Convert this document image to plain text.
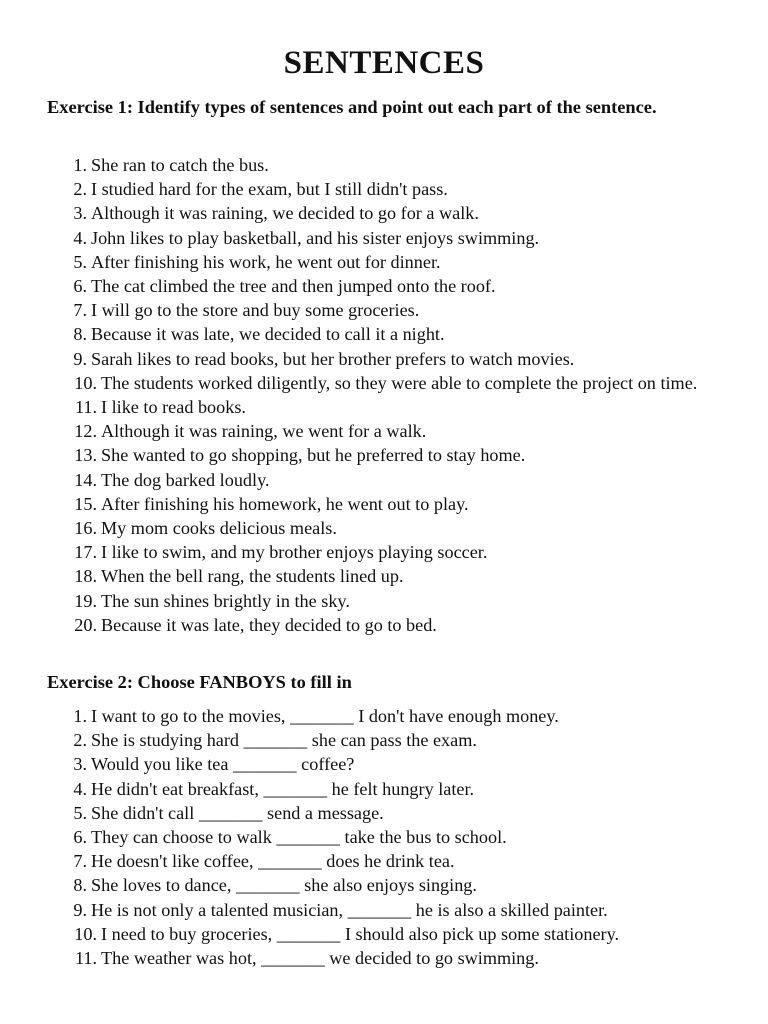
SENTENCES
Exercise 1: Identify types of sentences and point out each part of the sentence.
1. She ran to catch the bus.
2. I studied hard for the exam, but I still didn't pass.
3. Although it was raining, we decided to go for a walk.
4. John likes to play basketball, and his sister enjoys swimming.
5. After finishing his work, he went out for dinner.
6. The cat climbed the tree and then jumped onto the roof.
7. I will go to the store and buy some groceries.
8. Because it was late, we decided to call it a night.
9. Sarah likes to read books, but her brother prefers to watch movies.
10. The students worked diligently, so they were able to complete the project on time.
11. I like to read books.
12. Although it was raining, we went for a walk.
13. She wanted to go shopping, but he preferred to stay home.
14. The dog barked loudly.
15. After finishing his homework, he went out to play.
16. My mom cooks delicious meals.
17. I like to swim, and my brother enjoys playing soccer.
18. When the bell rang, the students lined up.
19. The sun shines brightly in the sky.
20. Because it was late, they decided to go to bed.
Exercise 2: Choose FANBOYS to fill in
1. I want to go to the movies, _______ I don't have enough money.
2. She is studying hard _______ she can pass the exam.
3. Would you like tea _______ coffee?
4. He didn't eat breakfast, _______ he felt hungry later.
5. She didn't call _______ send a message.
6. They can choose to walk _______ take the bus to school.
7. He doesn't like coffee, _______ does he drink tea.
8. She loves to dance, _______ she also enjoys singing.
9. He is not only a talented musician, _______ he is also a skilled painter.
10. I need to buy groceries, _______ I should also pick up some stationery.
11. The weather was hot, _______ we decided to go swimming.
